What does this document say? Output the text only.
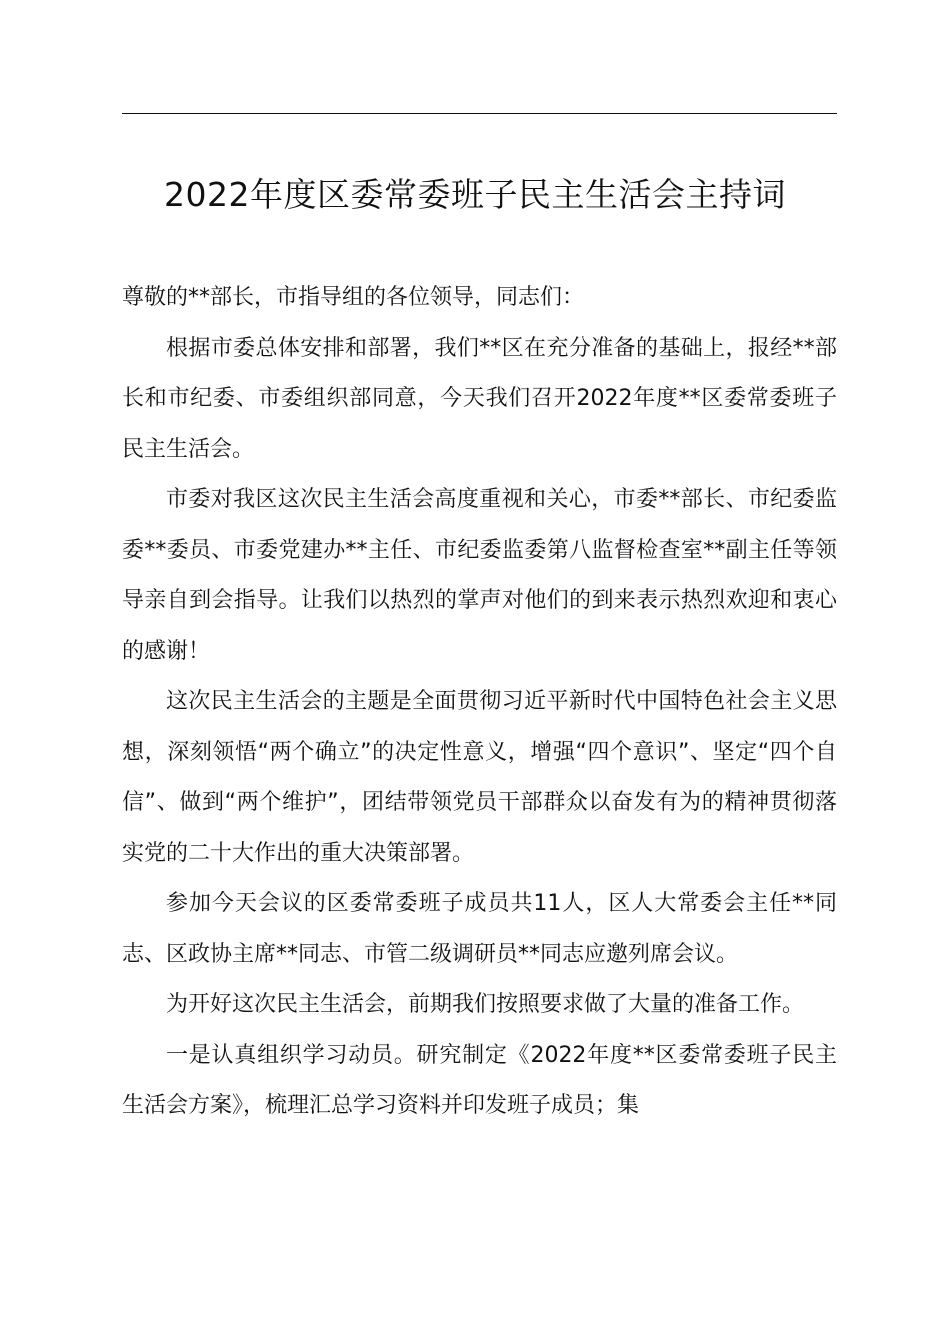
2022年度区委常委班子民主生活会主持词

尊敬的**部长，市指导组的各位领导，同志们：

根据市委总体安排和部署，我们**区在充分准备的基础上，报经**部长和市纪委、市委组织部同意，今天我们召开2022年度**区委常委班子民主生活会。

市委对我区这次民主生活会高度重视和关心，市委**部长、市纪委监委**委员、市委党建办**主任、市纪委监委第八监督检查室**副主任等领导亲自到会指导。让我们以热烈的掌声对他们的到来表示热烈欢迎和衷心的感谢！

这次民主生活会的主题是全面贯彻习近平新时代中国特色社会主义思想，深刻领悟“两个确立”的决定性意义，增强“四个意识”、坚定“四个自信”、做到“两个维护”，团结带领党员干部群众以奋发有为的精神贯彻落实党的二十大作出的重大决策部署。

参加今天会议的区委常委班子成员共11人，区人大常委会主任**同志、区政协主席**同志、市管二级调研员**同志应邀列席会议。

为开好这次民主生活会，前期我们按照要求做了大量的准备工作。

一是认真组织学习动员。研究制定《2022年度**区委常委班子民主生活会方案》，梳理汇总学习资料并印发班子成员；集
